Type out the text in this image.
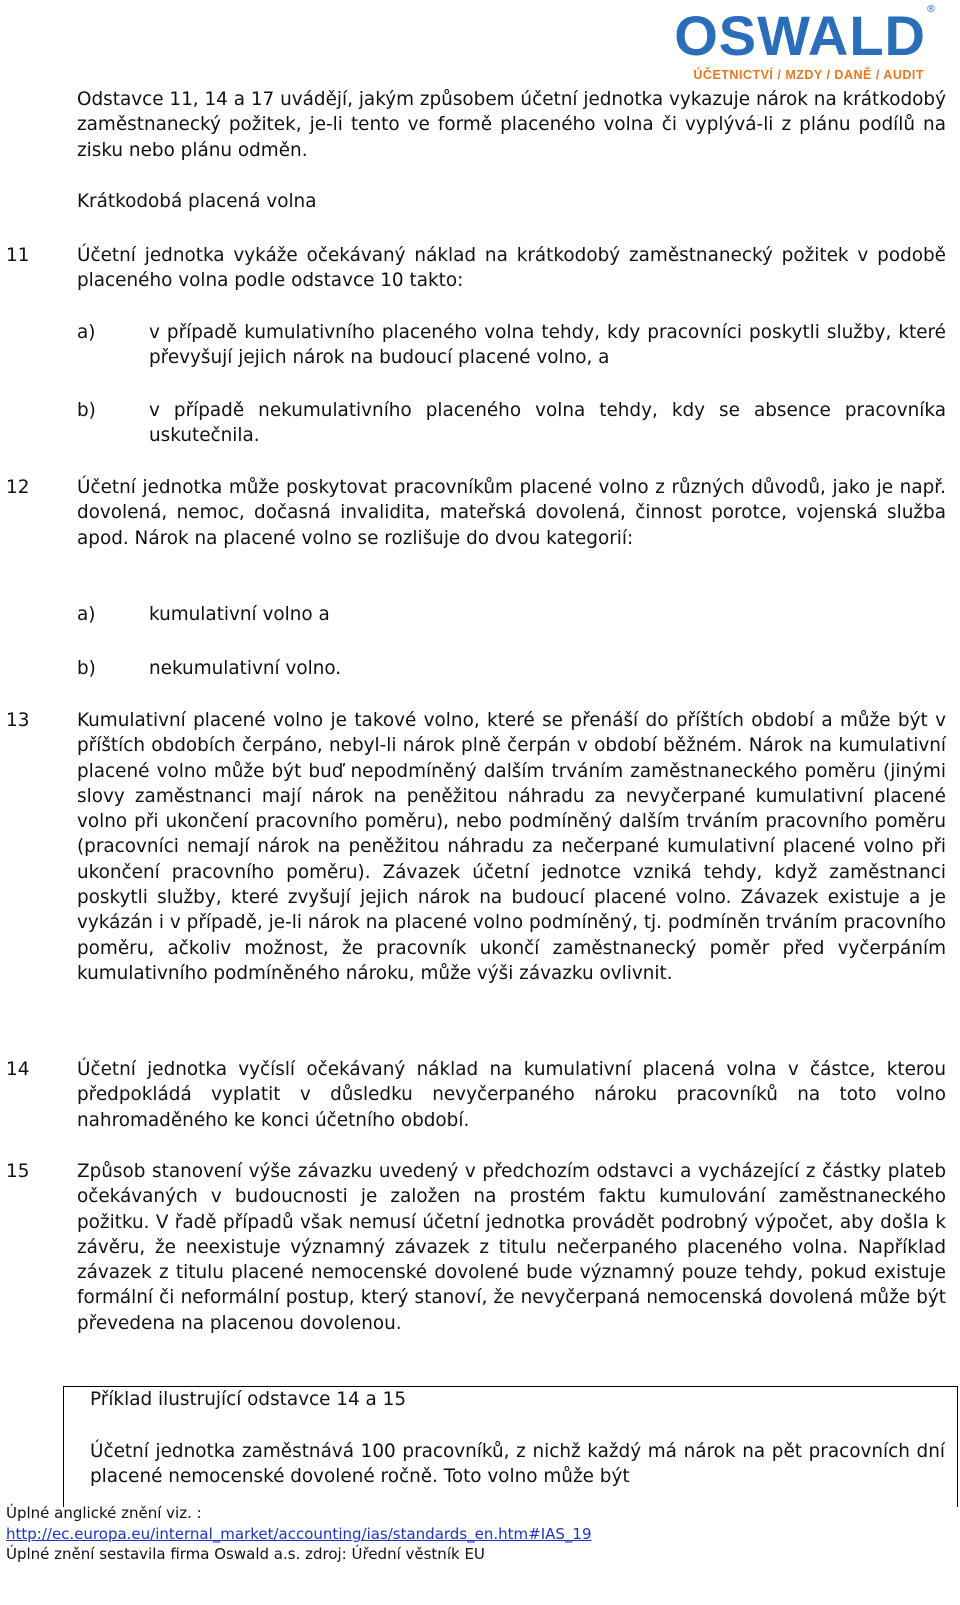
OSWALD ®
ÚČETNICTVÍ / MZDY / DANĚ / AUDIT

Odstavce 11, 14 a 17 uvádějí, jakým způsobem účetní jednotka vykazuje nárok na krátkodobý zaměstnanecký požitek, je-li tento ve formě placeného volna či vyplývá-li z plánu podílů na zisku nebo plánu odměn.

Krátkodobá placená volna

11	Účetní jednotka vykáže očekávaný náklad na krátkodobý zaměstnanecký požitek v podobě placeného volna podle odstavce 10 takto:

a)	v případě kumulativního placeného volna tehdy, kdy pracovníci poskytli služby, které převyšují jejich nárok na budoucí placené volno, a

b)	v případě nekumulativního placeného volna tehdy, kdy se absence pracovníka uskutečnila.

12	Účetní jednotka může poskytovat pracovníkům placené volno z různých důvodů, jako je např. dovolená, nemoc, dočasná invalidita, mateřská dovolená, činnost porotce, vojenská služba apod. Nárok na placené volno se rozlišuje do dvou kategorií:

a)	kumulativní volno a

b)	nekumulativní volno.

13	Kumulativní placené volno je takové volno, které se přenáší do příštích období a může být v příštích obdobích čerpáno, nebyl-li nárok plně čerpán v období běžném. Nárok na kumulativní placené volno může být buď nepodmíněný dalším trváním zaměstnaneckého poměru (jinými slovy zaměstnanci mají nárok na peněžitou náhradu za nevyčerpané kumulativní placené volno při ukončení pracovního poměru), nebo podmíněný dalším trváním pracovního poměru (pracovníci nemají nárok na peněžitou náhradu za nečerpané kumulativní placené volno při ukončení pracovního poměru). Závazek účetní jednotce vzniká tehdy, když zaměstnanci poskytli služby, které zvyšují jejich nárok na budoucí placené volno. Závazek existuje a je vykázán i v případě, je-li nárok na placené volno podmíněný, tj. podmíněn trváním pracovního poměru, ačkoliv možnost, že pracovník ukončí zaměstnanecký poměr před vyčerpáním kumulativního podmíněného nároku, může výši závazku ovlivnit.

14	Účetní jednotka vyčíslí očekávaný náklad na kumulativní placená volna v částce, kterou předpokládá vyplatit v důsledku nevyčerpaného nároku pracovníků na toto volno nahromaděného ke konci účetního období.

15	Způsob stanovení výše závazku uvedený v předchozím odstavci a vycházející z částky plateb očekávaných v budoucnosti je založen na prostém faktu kumulování zaměstnaneckého požitku. V řadě případů však nemusí účetní jednotka provádět podrobný výpočet, aby došla k závěru, že neexistuje významný závazek z titulu nečerpaného placeného volna. Například závazek z titulu placené nemocenské dovolené bude významný pouze tehdy, pokud existuje formální či neformální postup, který stanoví, že nevyčerpaná nemocenská dovolená může být převedena na placenou dovolenou.

Příklad ilustrující odstavce 14 a 15

Účetní jednotka zaměstnává 100 pracovníků, z nichž každý má nárok na pět pracovních dní placené nemocenské dovolené ročně. Toto volno může být

Úplné anglické znění viz. :
http://ec.europa.eu/internal_market/accounting/ias/standards_en.htm#IAS_19
Úplné znění sestavila firma Oswald a.s. zdroj: Úřední věstník EU
